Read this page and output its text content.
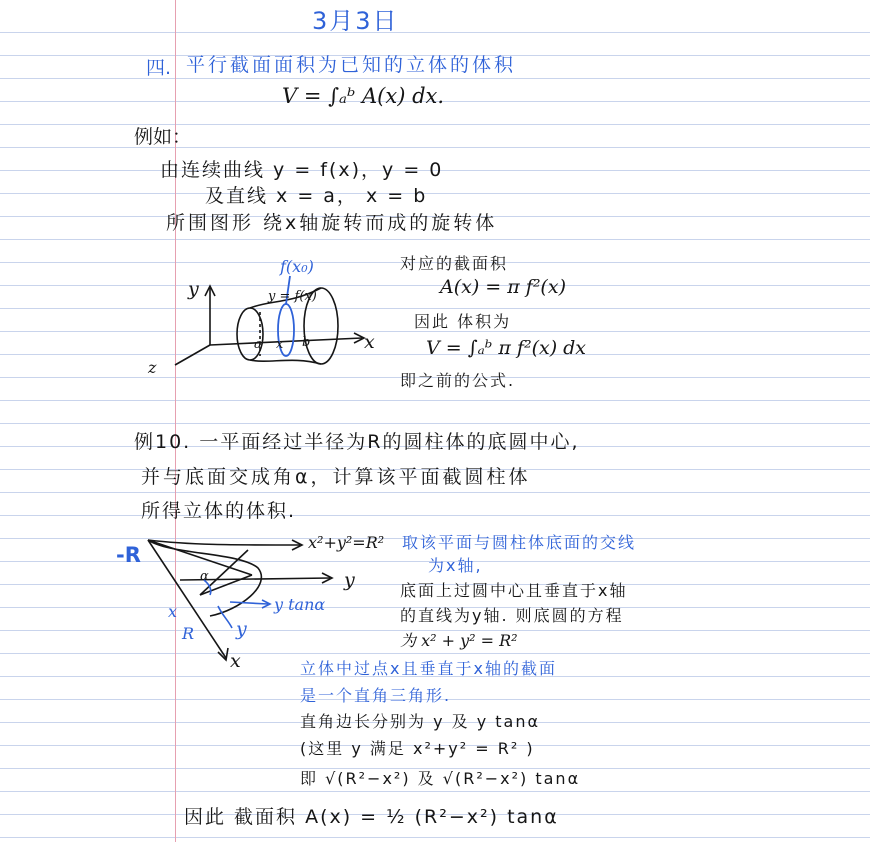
3月3日
四. 平行截面面积为已知的立体的体积
V = ∫ₐᵇ A(x) dx.
例如：
由连续曲线 y = f(x)，y = 0
及直线 x = a， x = b
所围图形 绕x轴旋转而成的旋转体
f(x₀)
y = f(x)
y
x
z
a x b
对应的截面积
A(x) = π f²(x)
因此 体积为
V = ∫ₐᵇ π f²(x) dx
即之前的公式.
例10. 一平面经过半径为R的圆柱体的底圆中心,
并与底面交成角α，计算该平面截圆柱体
所得立体的体积.
-R
x²+y²=R²
y
x
x
R
α
y tanα
y
取该平面与圆柱体底面的交线
为x轴,
底面上过圆中心且垂直于x轴
的直线为y轴. 则底圆的方程
为 x² + y² = R²
立体中过点x且垂直于x轴的截面
是一个直角三角形.
直角边长分别为 y 及 y tanα
(这里 y 满足 x²+y² = R² )
即 √(R²−x²) 及 √(R²−x²) tanα
因此 截面积 A(x) = ½ (R²−x²) tanα
